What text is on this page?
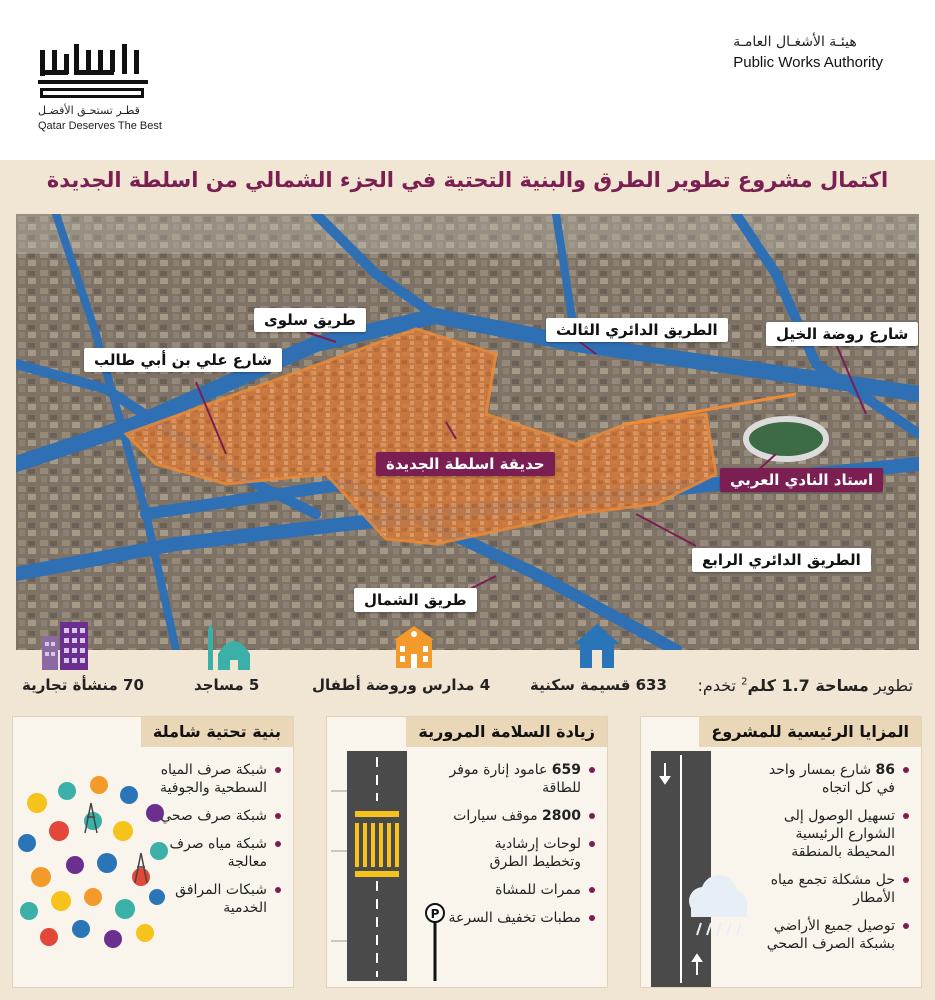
قطـر تستحـق الأفضـل
Qatar Deserves The Best
هيئـة الأشغـال العامـة
Public Works Authority
اكتمال مشروع تطوير الطرق والبنية التحتية في الجزء الشمالي من اسلطة الجديدة
طريق سلوى
شارع علي بن أبي طالب
الطريق الدائري الثالث	شارع روضة الخيل
حديقة اسلطة الجديدة
استاد النادي العربي
الطريق الدائري الرابع
طريق الشمال
70 منشأة تجارية	5 مساجد	4 مدارس وروضة أطفال	633 قسيمة سكنية	تطوير مساحة 1.7 كلم$^2$ تخدم:
بنية تحتية شاملة
شبكة صرف المياه السطحية والجوفية
شبكة صرف صحي
شبكة مياه صرف معالجة
شبكات المرافق الخدمية
زيادة السلامة المرورية
P
659 عامود إنارة موفر للطاقة
2800 موقف سيارات
لوحات إرشادية وتخطيط الطرق
ممرات للمشاة
مطبات تخفيف السرعة
المزايا الرئيسية للمشروع
86 شارع بمسار واحد في كل اتجاه
تسهيل الوصول إلى الشوارع الرئيسية المحيطة بالمنطقة
حل مشكلة تجمع مياه الأمطار
توصيل جميع الأراضي بشبكة الصرف الصحي
